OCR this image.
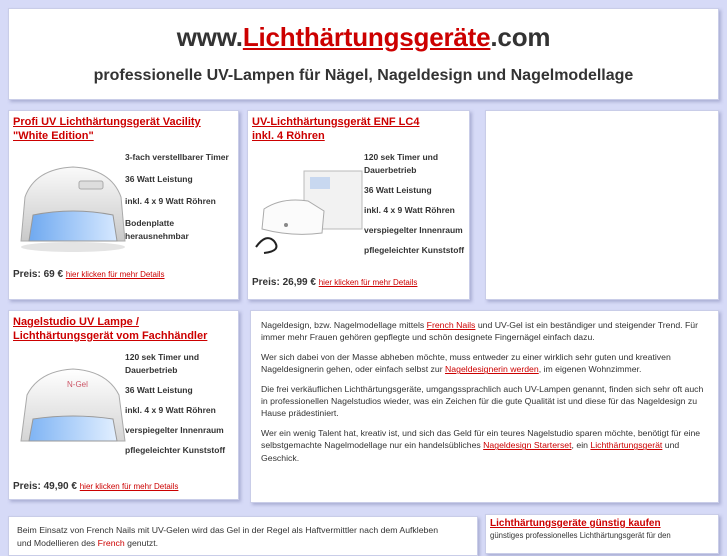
www.Lichthärtungsgeräte.com
professionelle UV-Lampen für Nägel, Nageldesign und Nagelmodellage
Profi UV Lichthärtungsgerät Vacility
"White Edition"
3-fach verstellbarer Timer
36 Watt Leistung
inkl. 4 x 9 Watt Röhren
Bodenplatte
herausnehmbar
Preis: 69 € hier klicken für mehr Details
UV-Lichthärtungsgerät ENF LC4
inkl. 4 Röhren
120 sek Timer und
Dauerbetrieb
36 Watt Leistung
inkl. 4 x 9 Watt Röhren
verspiegelter Innenraum
pflegeleichter Kunststoff
Preis: 26,99 € hier klicken für mehr Details
Nagelstudio UV Lampe /
Lichthärtungsgerät vom Fachhändler
N-Gel
120 sek Timer und
Dauerbetrieb
36 Watt Leistung
inkl. 4 x 9 Watt Röhren
verspiegelter Innenraum
pflegeleichter Kunststoff
Preis: 49,90 € hier klicken für mehr Details

Nageldesign, bzw. Nagelmodellage mittels French Nails und UV-Gel ist ein beständiger und steigender Trend. Für immer mehr Frauen gehören gepflegte und schön designete Fingernägel einfach dazu.

Wer sich dabei von der Masse abheben möchte, muss entweder zu einer wirklich sehr guten und kreativen Nageldesignerin gehen, oder einfach selbst zur Nageldesignerin werden, im eigenen Wohnzimmer.

Die frei verkäuflichen Lichthärtungsgeräte, umgangssprachlich auch UV-Lampen genannt, finden sich sehr oft auch in professionellen Nagelstudios wieder, was ein Zeichen für die gute Qualität ist und diese für das Nageldesign zu Hause prädestiniert.

Wer ein wenig Talent hat, kreativ ist, und sich das Geld für ein teures Nagelstudio sparen möchte, benötigt für eine selbstgemachte Nagelmodellage nur ein handelsübliches Nageldesign Starterset, ein Lichthärtungsgerät und Geschick.

Beim Einsatz von French Nails mit UV-Gelen wird das Gel in der Regel als Haftvermittler nach dem Aufkleben
und Modellieren des French genutzt.
Lichthärtungsgeräte günstig kaufen
günstiges professionelles Lichthärtungsgerät für den
